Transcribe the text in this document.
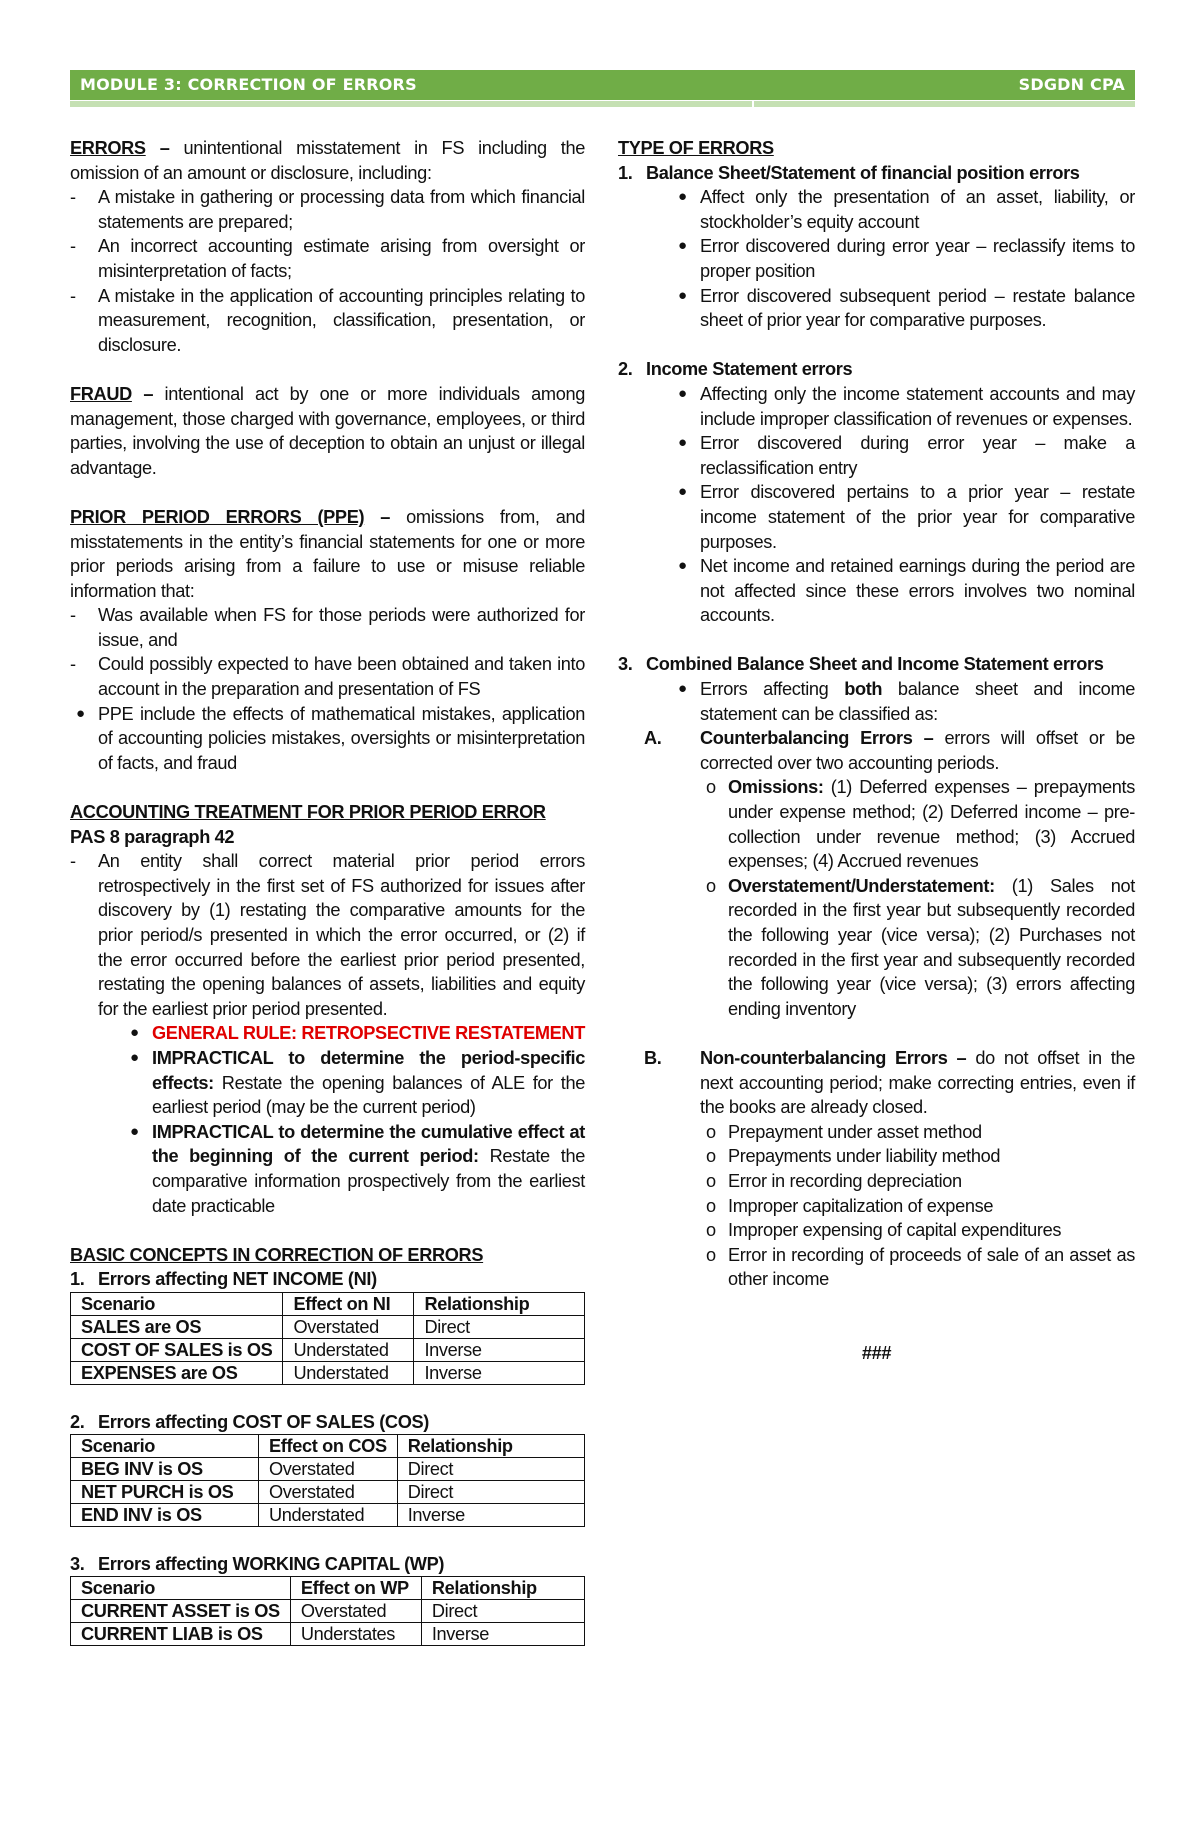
MODULE 3: CORRECTION OF ERRORS	SDGDN CPA

ERRORS – unintentional misstatement in FS including the omission of an amount or disclosure, including:

- A mistake in gathering or processing data from which financial statements are prepared;
- An incorrect accounting estimate arising from oversight or misinterpretation of facts;
- A mistake in the application of accounting principles relating to measurement, recognition, classification, presentation, or disclosure.

FRAUD – intentional act by one or more individuals among management, those charged with governance, employees, or third parties, involving the use of deception to obtain an unjust or illegal advantage.

PRIOR PERIOD ERRORS (PPE) – omissions from, and misstatements in the entity’s financial statements for one or more prior periods arising from a failure to use or misuse reliable information that:

- Was available when FS for those periods were authorized for issue, and
- Could possibly expected to have been obtained and taken into account in the preparation and presentation of FS
● PPE include the effects of mathematical mistakes, application of accounting policies mistakes, oversights or misinterpretation of facts, and fraud

ACCOUNTING TREATMENT FOR PRIOR PERIOD ERROR

PAS 8 paragraph 42

- An entity shall correct material prior period errors retrospectively in the first set of FS authorized for issues after discovery by (1) restating the comparative amounts for the prior period/s presented in which the error occurred, or (2) if the error occurred before the earliest prior period presented, restating the opening balances of assets, liabilities and equity for the earliest prior period presented.
● GENERAL RULE: RETROPSECTIVE RESTATEMENT
● IMPRACTICAL to determine the period-specific effects: Restate the opening balances of ALE for the earliest period (may be the current period)
● IMPRACTICAL to determine the cumulative effect at the beginning of the current period: Restate the comparative information prospectively from the earliest date practicable

BASIC CONCEPTS IN CORRECTION OF ERRORS

1. Errors affecting NET INCOME (NI)
Scenario	Effect on NI	Relationship
SALES are OS	Overstated	Direct
COST OF SALES is OS	Understated	Inverse
EXPENSES are OS	Understated	Inverse
2. Errors affecting COST OF SALES (COS)
Scenario	Effect on COS	Relationship
BEG INV is OS	Overstated	Direct
NET PURCH is OS	Overstated	Direct
END INV is OS	Understated	Inverse
3. Errors affecting WORKING CAPITAL (WP)
Scenario	Effect on WP	Relationship
CURRENT ASSET is OS	Overstated	Direct
CURRENT LIAB is OS	Understates	Inverse

TYPE OF ERRORS

1. Balance Sheet/Statement of financial position errors
● Affect only the presentation of an asset, liability, or stockholder’s equity account
● Error discovered during error year – reclassify items to proper position
● Error discovered subsequent period – restate balance sheet of prior year for comparative purposes.
2. Income Statement errors
● Affecting only the income statement accounts and may include improper classification of revenues or expenses.
● Error discovered during error year – make a reclassification entry
● Error discovered pertains to a prior year – restate income statement of the prior year for comparative purposes.
● Net income and retained earnings during the period are not affected since these errors involves two nominal accounts.
3. Combined Balance Sheet and Income Statement errors
● Errors affecting both balance sheet and income statement can be classified as:
A. Counterbalancing Errors – errors will offset or be corrected over two accounting periods.
o Omissions: (1) Deferred expenses – prepayments under expense method; (2) Deferred income – pre-collection under revenue method; (3) Accrued expenses; (4) Accrued revenues
o Overstatement/Understatement: (1) Sales not recorded in the first year but subsequently recorded the following year (vice versa); (2) Purchases not recorded in the first year and subsequently recorded the following year (vice versa); (3) errors affecting ending inventory
B. Non-counterbalancing Errors – do not offset in the next accounting period; make correcting entries, even if the books are already closed.
o Prepayment under asset method
o Prepayments under liability method
o Error in recording depreciation
o Improper capitalization of expense
o Improper expensing of capital expenditures
o Error in recording of proceeds of sale of an asset as other income

###
